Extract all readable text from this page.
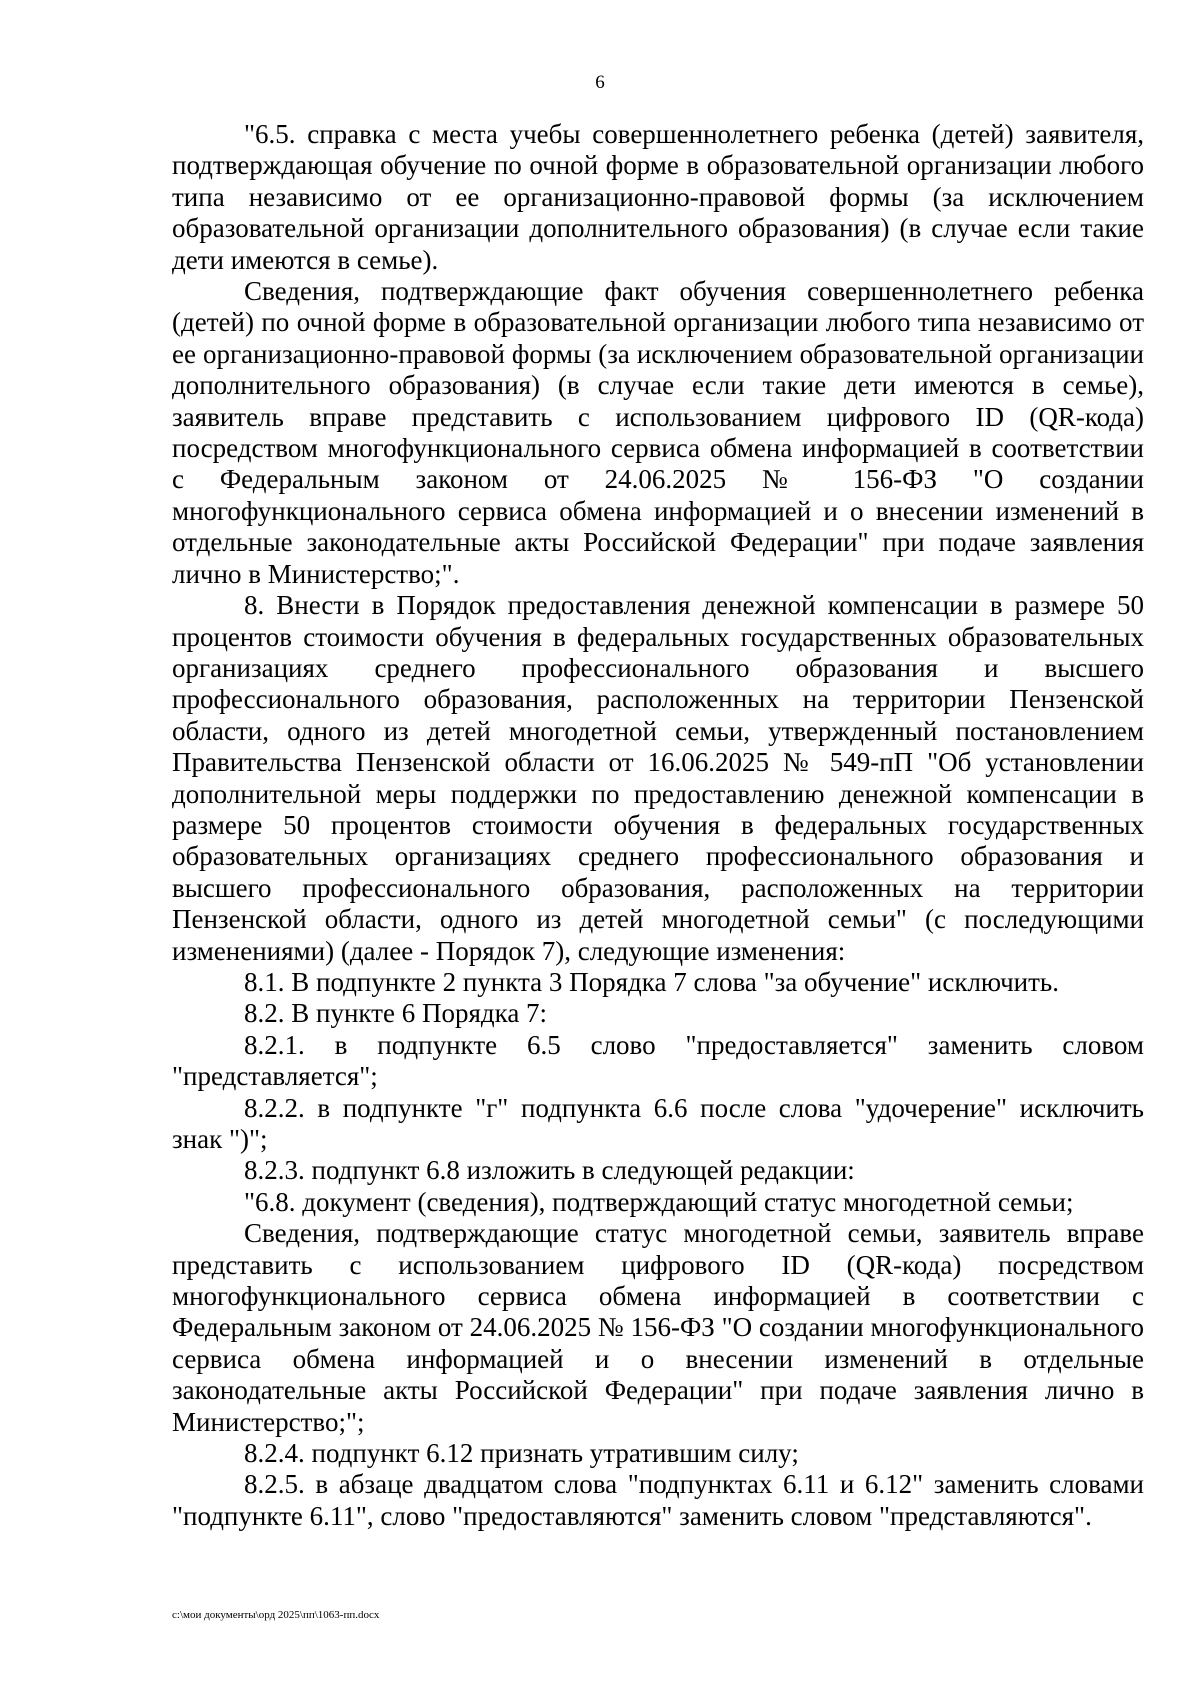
6

"6.5. справка с места учебы совершеннолетнего ребенка (детей) заявителя, подтверждающая обучение по очной форме в образовательной организации любого типа независимо от ее организационно-правовой формы (за исключением образовательной организации дополнительного образования) (в случае если такие дети имеются в семье).

Сведения, подтверждающие факт обучения совершеннолетнего ребенка (детей) по очной форме в образовательной организации любого типа независимо от ее организационно-правовой формы (за исключением образовательной организации дополнительного образования) (в случае если такие дети имеются в семье), заявитель вправе представить с использованием цифрового ID (QR-кода) посредством многофункционального сервиса обмена информацией в соответствии с Федеральным законом от 24.06.2025 № 156-ФЗ "О создании многофункционального сервиса обмена информацией и о внесении изменений в отдельные законодательные акты Российской Федерации" при подаче заявления лично в Министерство;".

8. Внести в Порядок предоставления денежной компенсации в размере 50 процентов стоимости обучения в федеральных государственных образовательных организациях среднего профессионального образования и высшего профессионального образования, расположенных на территории Пензенской области, одного из детей многодетной семьи, утвержденный постановлением Правительства Пензенской области от 16.06.2025 № 549-пП "Об установлении дополнительной меры поддержки по предоставлению денежной компенсации в размере 50 процентов стоимости обучения в федеральных государственных образовательных организациях среднего профессионального образования и высшего профессионального образования, расположенных на территории Пензенской области, одного из детей многодетной семьи" (с последующими изменениями) (далее - Порядок 7), следующие изменения:

8.1. В подпункте 2 пункта 3 Порядка 7 слова "за обучение" исключить.

8.2. В пункте 6 Порядка 7:

8.2.1. в подпункте 6.5 слово "предоставляется" заменить словом "представляется";

8.2.2. в подпункте "г" подпункта 6.6 после слова "удочерение" исключить знак ")";

8.2.3. подпункт 6.8 изложить в следующей редакции:

"6.8. документ (сведения), подтверждающий статус многодетной семьи;

Сведения, подтверждающие статус многодетной семьи, заявитель вправе представить с использованием цифрового ID (QR-кода) посредством многофункционального сервиса обмена информацией в соответствии с Федеральным законом от 24.06.2025 № 156-ФЗ "О создании многофункционального сервиса обмена информацией и о внесении изменений в отдельные законодательные акты Российской Федерации" при подаче заявления лично в Министерство;";

8.2.4. подпункт 6.12 признать утратившим силу;

8.2.5. в абзаце двадцатом слова "подпунктах 6.11 и 6.12" заменить словами "подпункте 6.11", слово "предоставляются" заменить словом "представляются".

c:\мои документы\орд 2025\пп\1063-пп.docx
